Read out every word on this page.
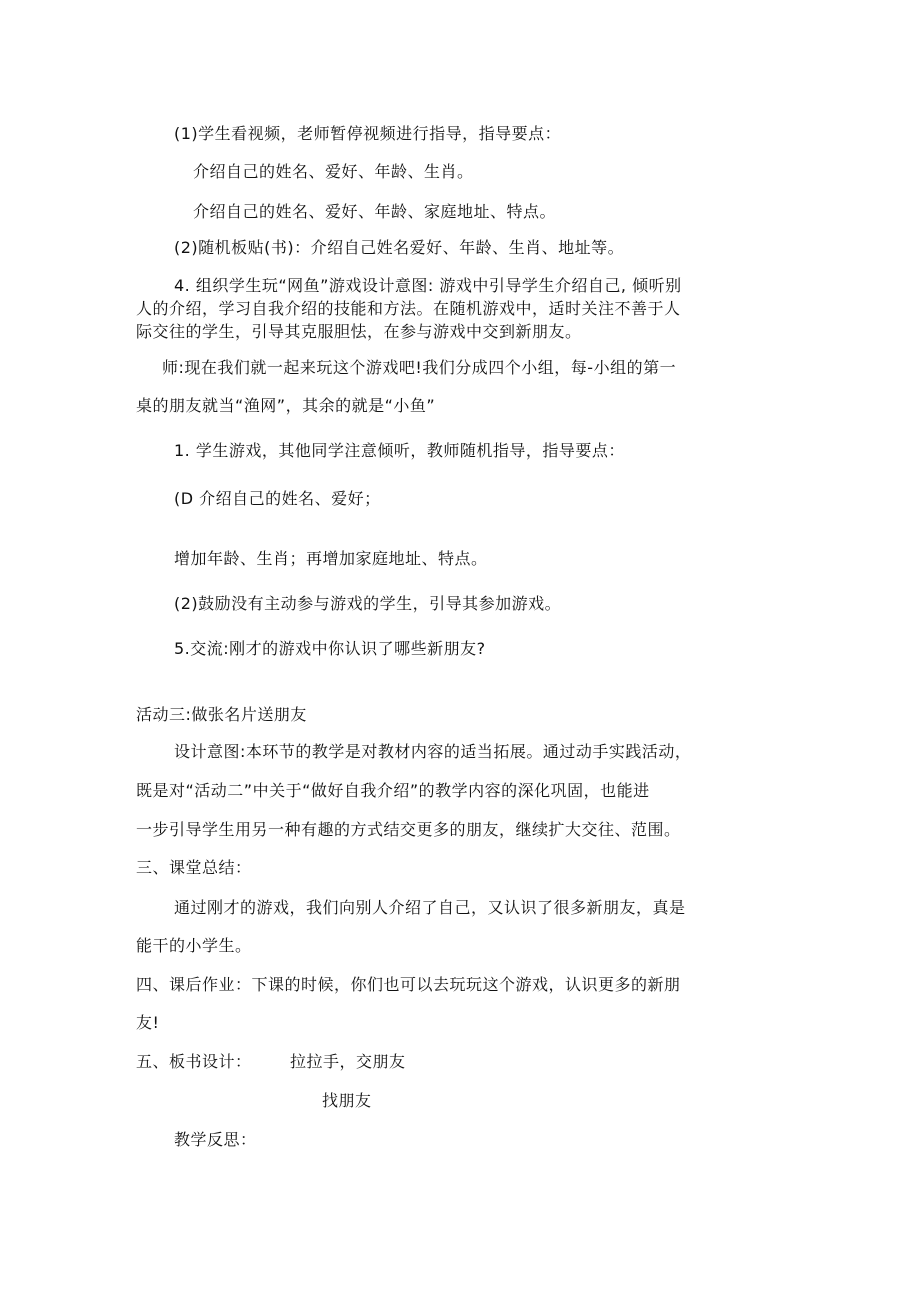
(1)学生看视频，老师暂停视频进行指导，指导要点：
介绍自己的姓名、爱好、年龄、生肖。
介绍自己的姓名、爱好、年龄、家庭地址、特点。
(2)随机板贴(书)：介绍自己姓名爱好、年龄、生肖、地址等。
4. 组织学生玩“网鱼”游戏设计意图: 游戏中引导学生介绍自己, 倾听别
人的介绍，学习自我介绍的技能和方法。在随机游戏中，适时关注不善于人
际交往的学生，引导其克服胆怯，在参与游戏中交到新朋友。
师:现在我们就一起来玩这个游戏吧!我们分成四个小组，每-小组的第一
桌的朋友就当“渔网”，其余的就是“小鱼”
1. 学生游戏，其他同学注意倾听，教师随机指导，指导要点：
(D 介绍自己的姓名、爱好；
增加年龄、生肖；再增加家庭地址、特点。
(2)鼓励没有主动参与游戏的学生，引导其参加游戏。
5.交流:刚才的游戏中你认识了哪些新朋友?
活动三:做张名片送朋友
设计意图:本环节的教学是对教材内容的适当拓展。通过动手实践活动，
既是对“活动二”中关于“做好自我介绍”的教学内容的深化巩固，也能进
一步引导学生用另一种有趣的方式结交更多的朋友，继续扩大交往、范围。
三、课堂总结：
通过刚才的游戏，我们向别人介绍了自己，又认识了很多新朋友，真是
能干的小学生。
四、课后作业：下课的时候，你们也可以去玩玩这个游戏，认识更多的新朋
友!
五、板书设计： 拉拉手，交朋友
找朋友
教学反思：
